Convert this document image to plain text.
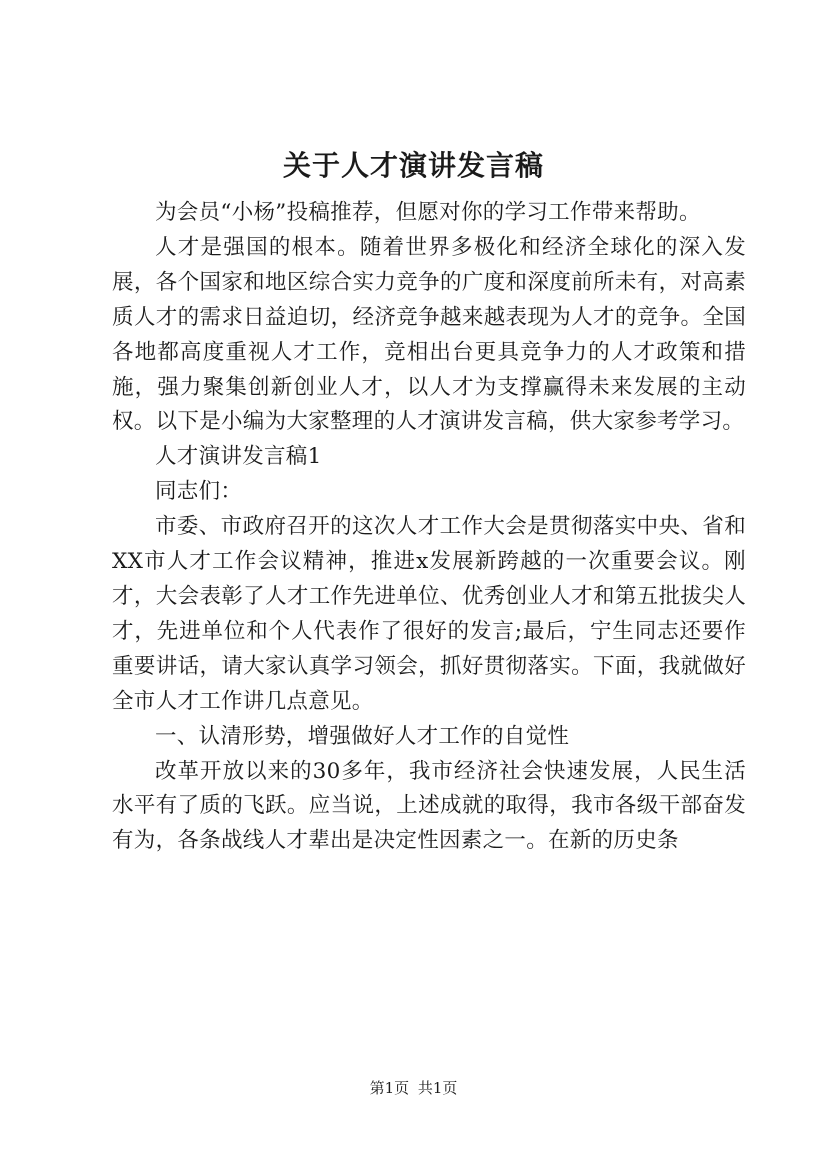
关于人才演讲发言稿

为会员“小杨”投稿推荐，但愿对你的学习工作带来帮助。

人才是强国的根本。随着世界多极化和经济全球化的深入发展，各个国家和地区综合实力竞争的广度和深度前所未有，对高素质人才的需求日益迫切，经济竞争越来越表现为人才的竞争。全国各地都高度重视人才工作，竞相出台更具竞争力的人才政策和措施，强力聚集创新创业人才，以人才为支撑赢得未来发展的主动权。以下是小编为大家整理的人才演讲发言稿，供大家参考学习。

人才演讲发言稿1

同志们：

市委、市政府召开的这次人才工作大会是贯彻落实中央、省和XX市人才工作会议精神，推进x发展新跨越的一次重要会议。刚才，大会表彰了人才工作先进单位、优秀创业人才和第五批拔尖人才，先进单位和个人代表作了很好的发言;最后，宁生同志还要作重要讲话，请大家认真学习领会，抓好贯彻落实。下面，我就做好全市人才工作讲几点意见。

一、认清形势，增强做好人才工作的自觉性

改革开放以来的30多年，我市经济社会快速发展，人民生活水平有了质的飞跃。应当说，上述成就的取得，我市各级干部奋发有为，各条战线人才辈出是决定性因素之一。在新的历史条

第1页 共1页
